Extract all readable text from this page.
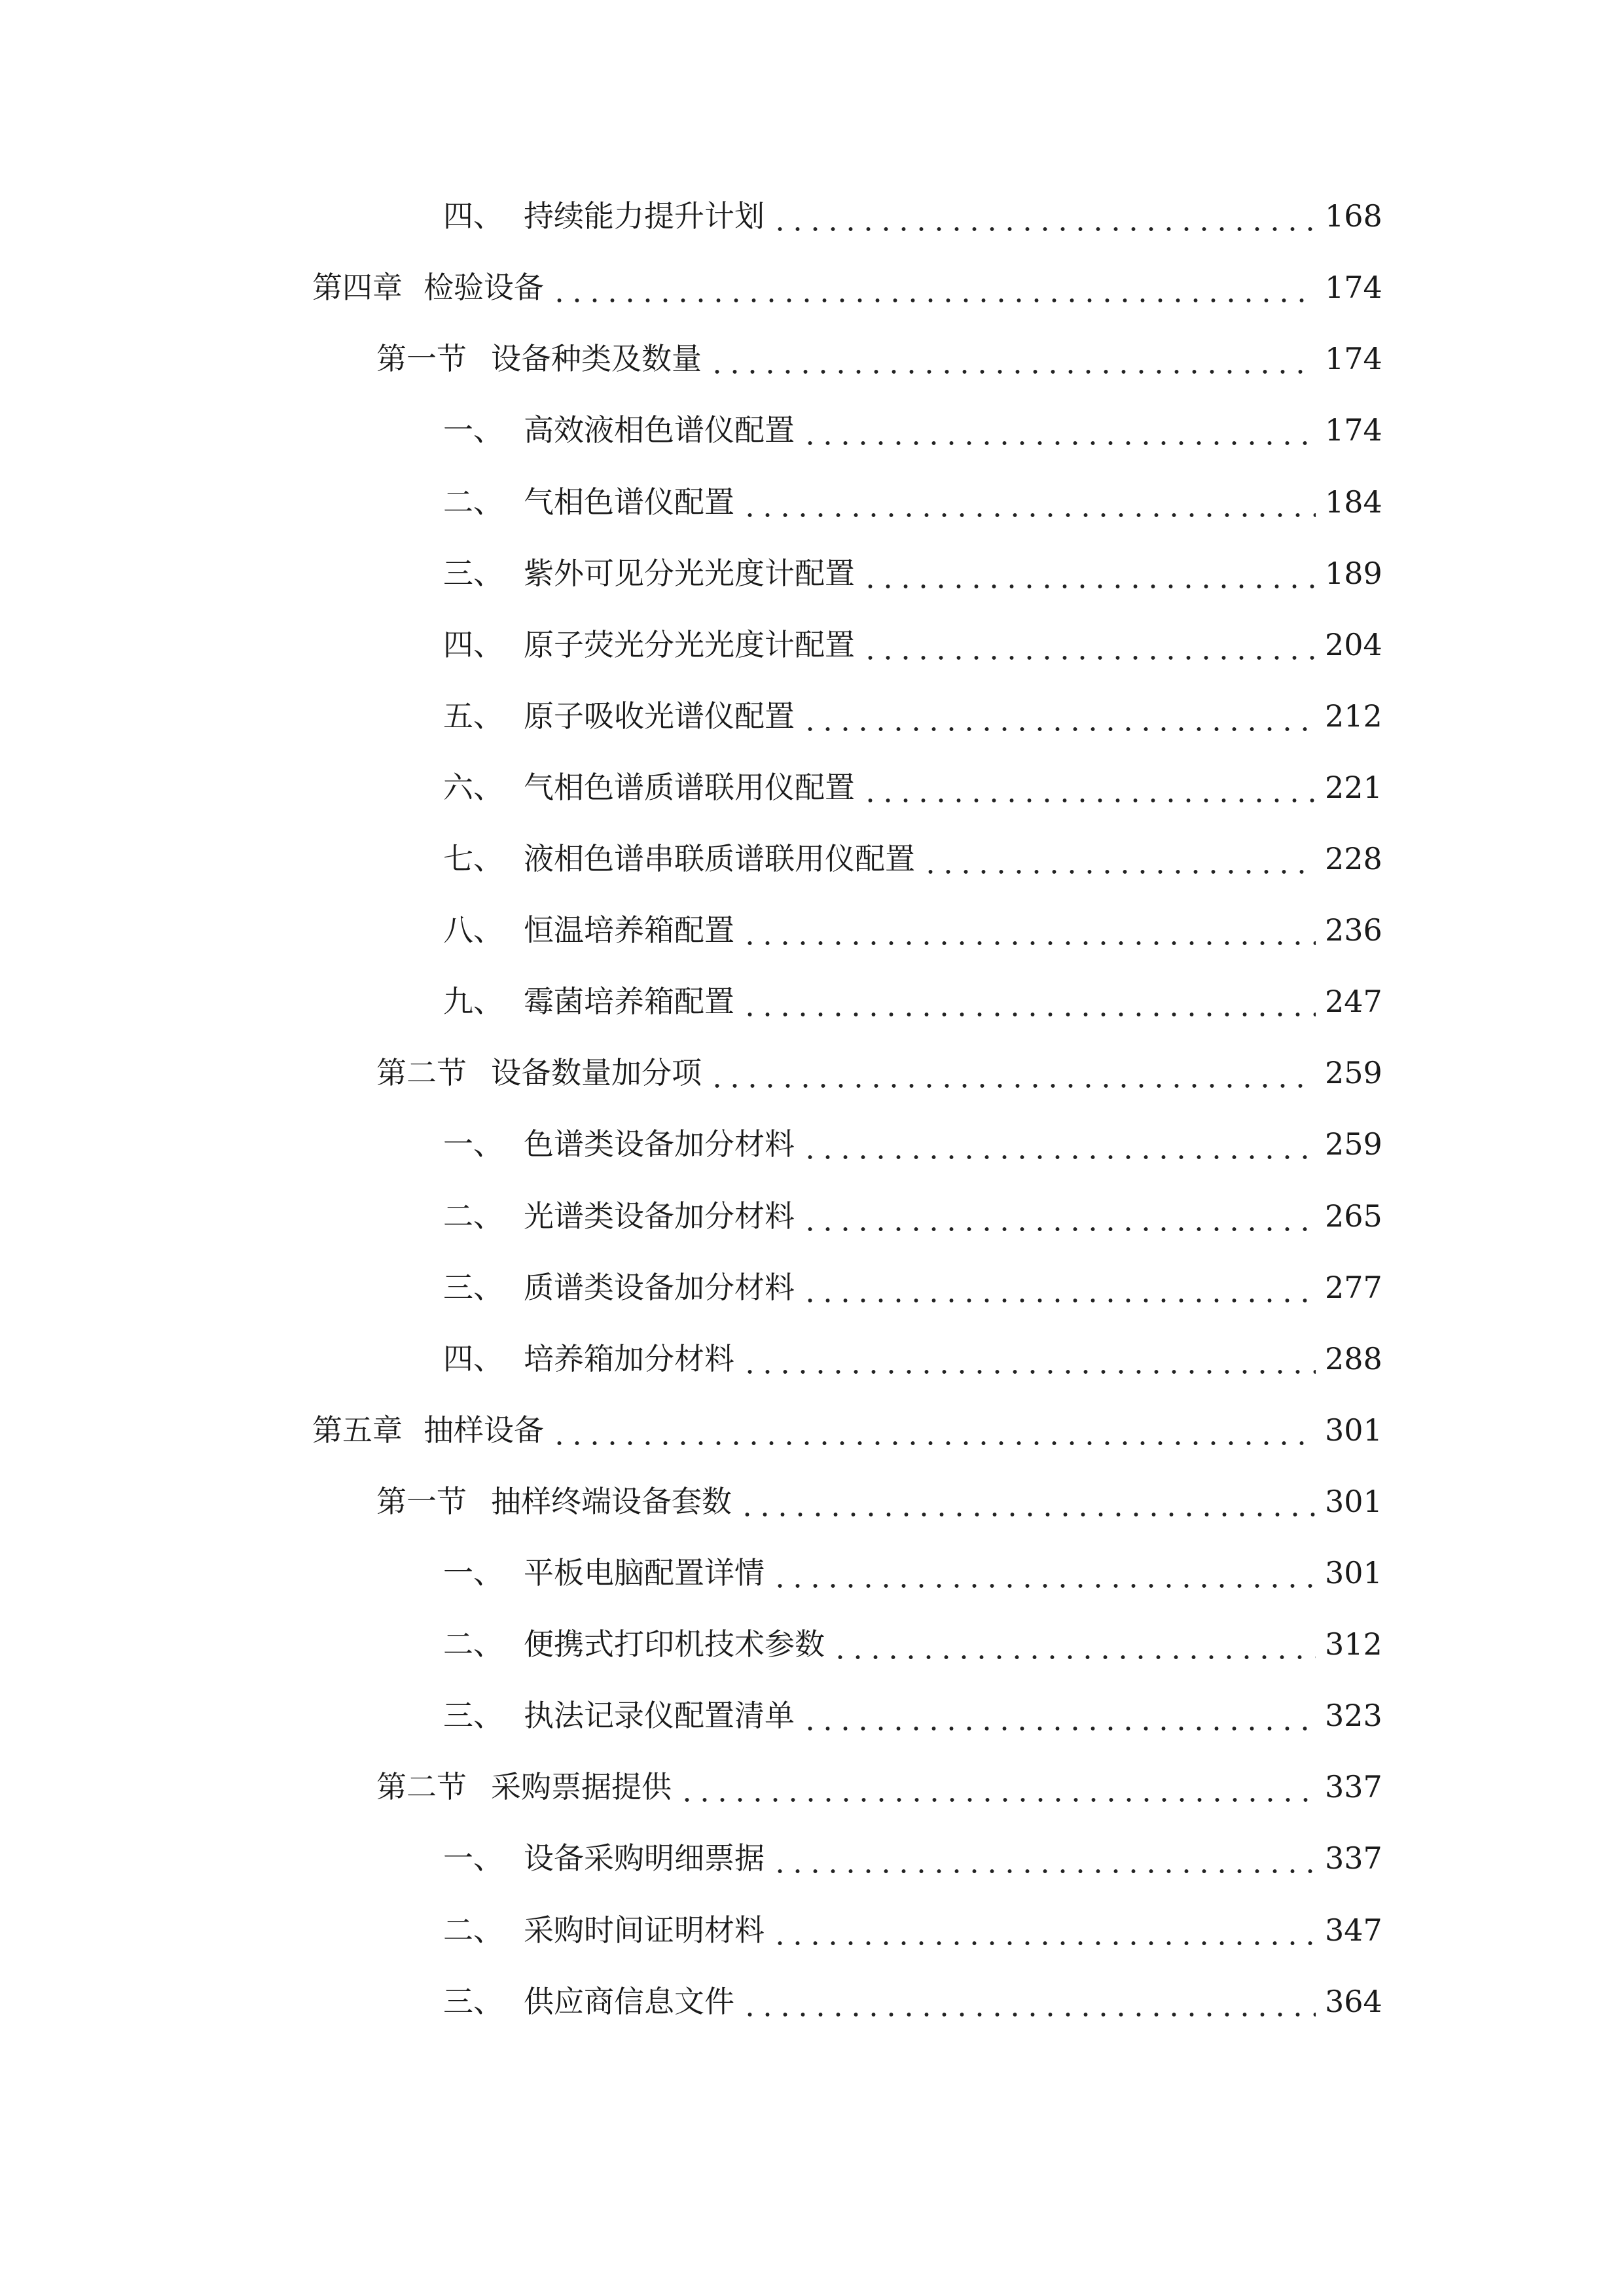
四、 持续能力提升计划	168
第四章 检验设备	174
第一节 设备种类及数量	174
一、 高效液相色谱仪配置	174
二、 气相色谱仪配置	184
三、 紫外可见分光光度计配置	189
四、 原子荧光分光光度计配置	204
五、 原子吸收光谱仪配置	212
六、 气相色谱质谱联用仪配置	221
七、 液相色谱串联质谱联用仪配置	228
八、 恒温培养箱配置	236
九、 霉菌培养箱配置	247
第二节 设备数量加分项	259
一、 色谱类设备加分材料	259
二、 光谱类设备加分材料	265
三、 质谱类设备加分材料	277
四、 培养箱加分材料	288
第五章 抽样设备	301
第一节 抽样终端设备套数	301
一、 平板电脑配置详情	301
二、 便携式打印机技术参数	312
三、 执法记录仪配置清单	323
第二节 采购票据提供	337
一、 设备采购明细票据	337
二、 采购时间证明材料	347
三、 供应商信息文件	364
